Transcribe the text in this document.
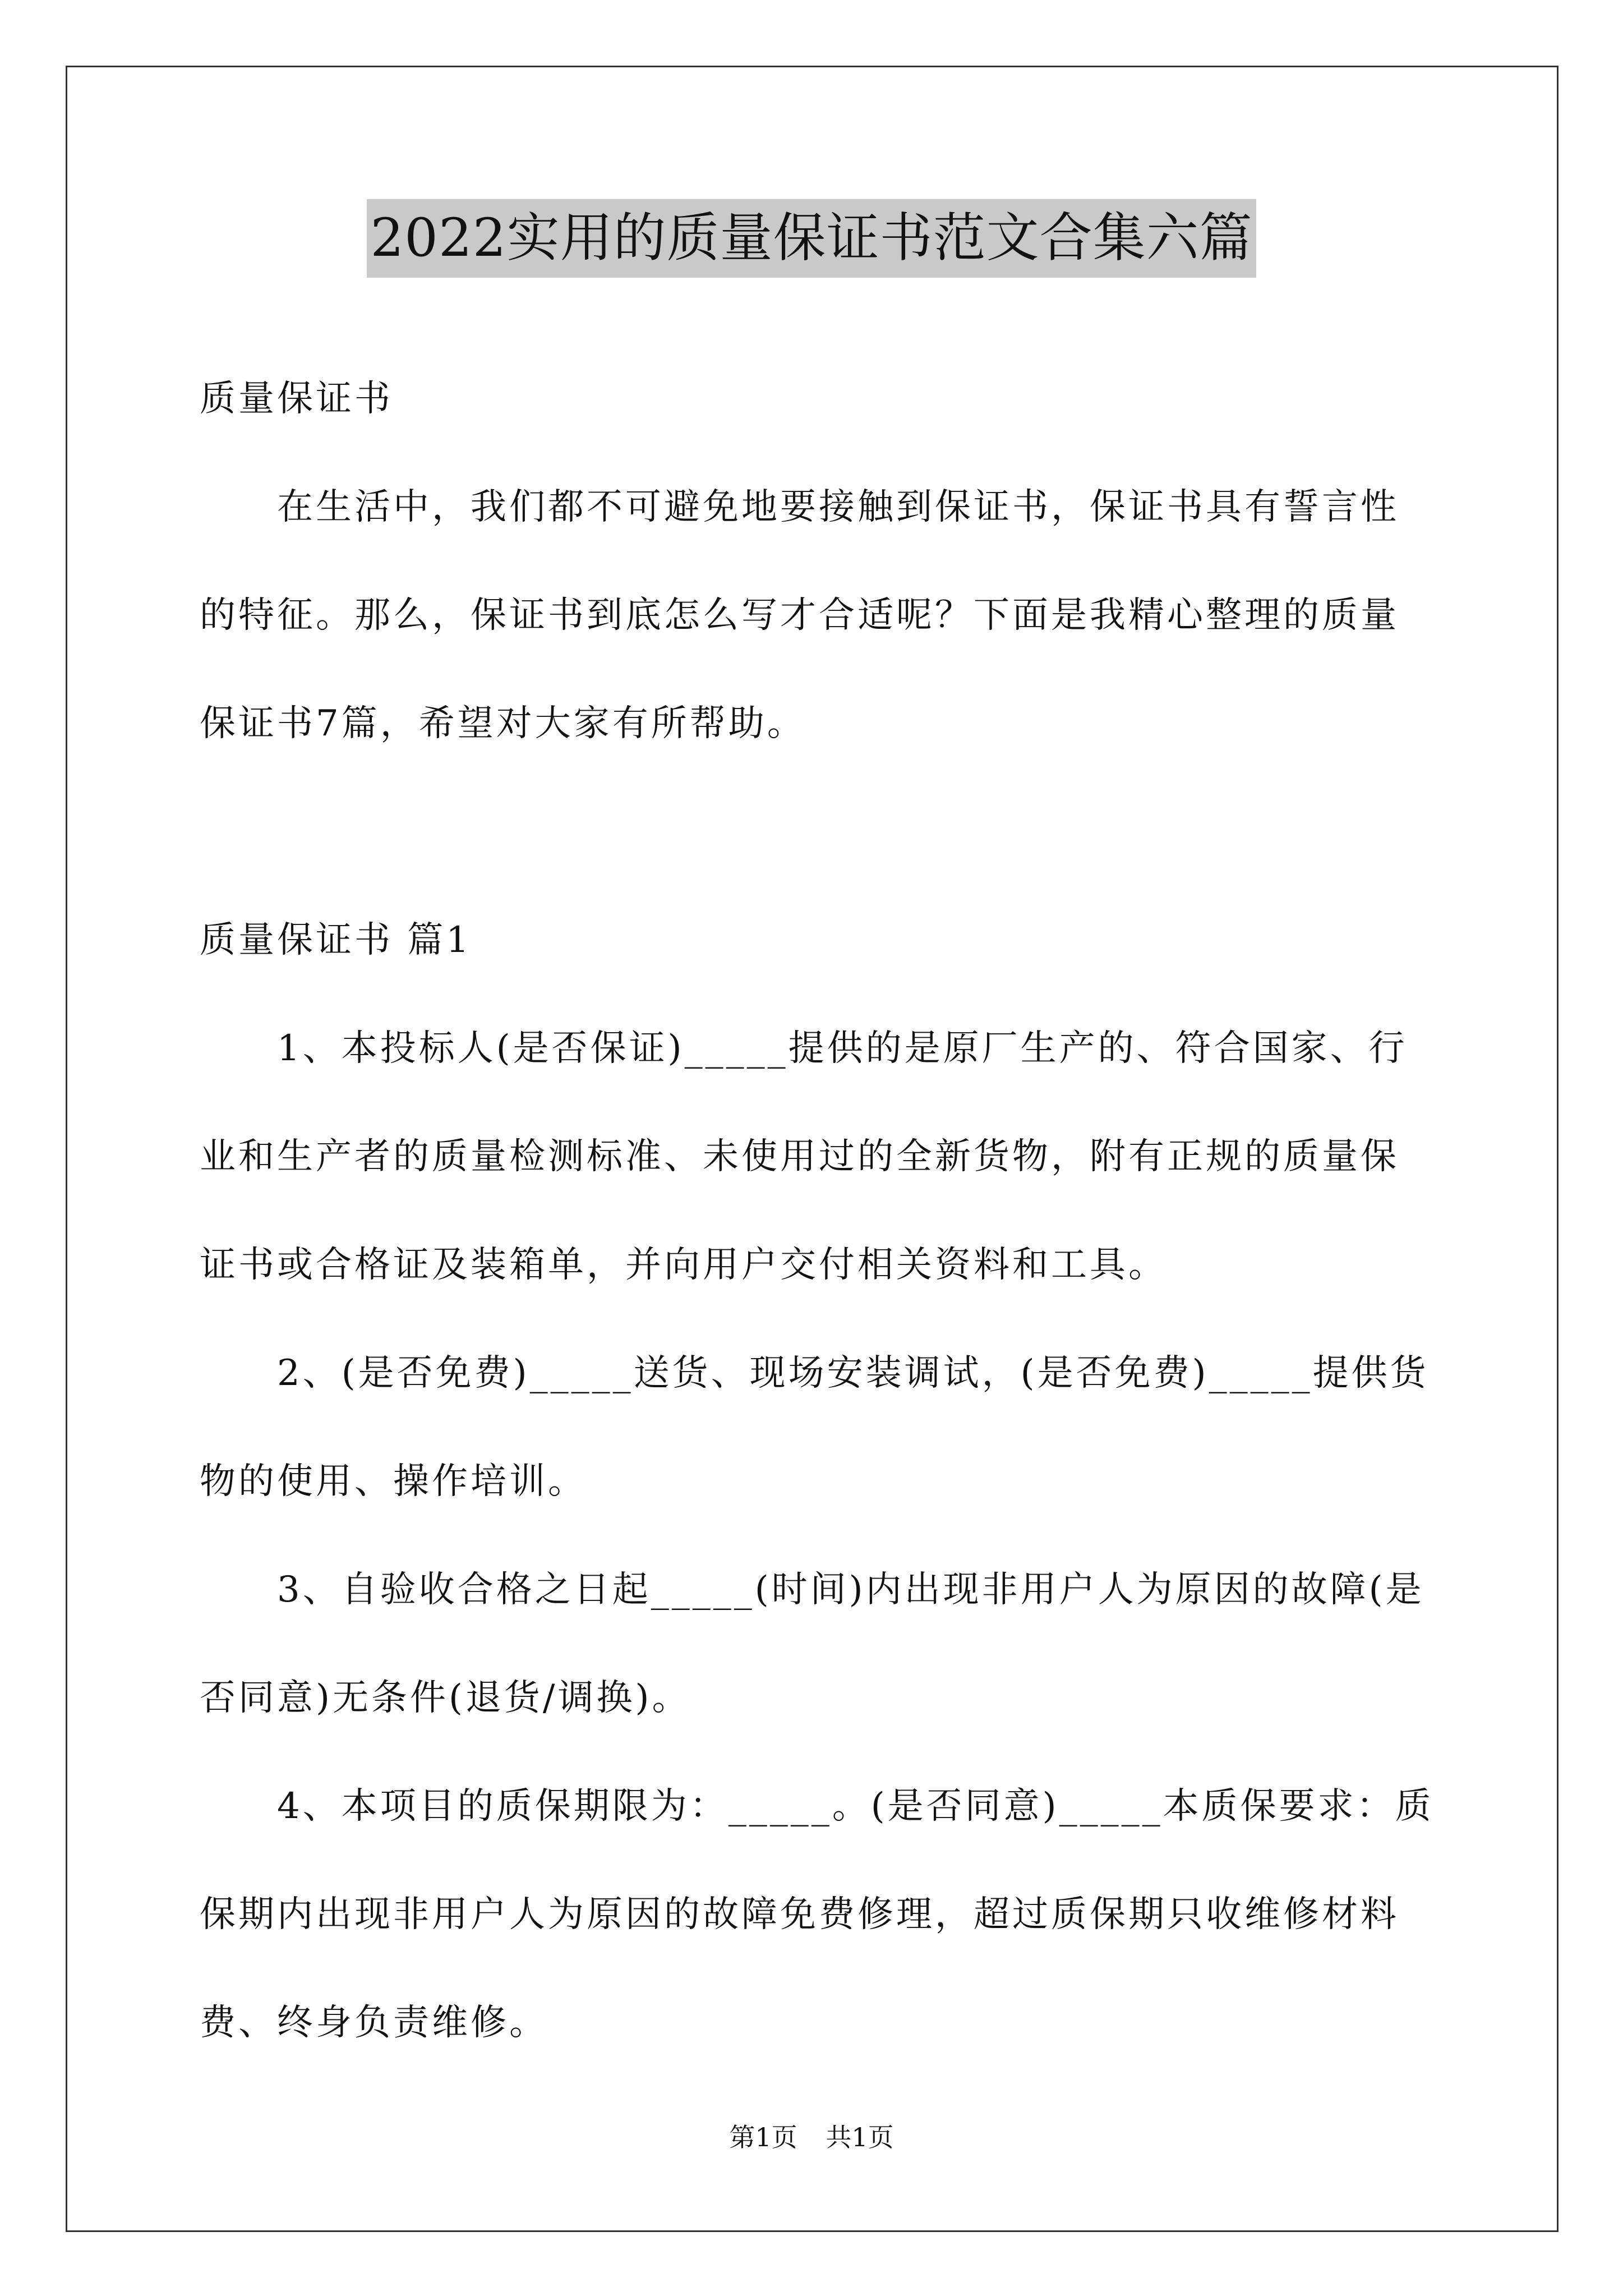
2022实用的质量保证书范文合集六篇

质量保证书

在生活中，我们都不可避免地要接触到保证书，保证书具有誓言性的特征。那么，保证书到底怎么写才合适呢？下面是我精心整理的质量保证书7篇，希望对大家有所帮助。

质量保证书 篇1

1、本投标人(是否保证)_____提供的是原厂生产的、符合国家、行业和生产者的质量检测标准、未使用过的全新货物，附有正规的质量保证书或合格证及装箱单，并向用户交付相关资料和工具。

2、(是否免费)_____送货、现场安装调试，(是否免费)_____提供货物的使用、操作培训。

3、自验收合格之日起_____(时间)内出现非用户人为原因的故障(是否同意)无条件(退货/调换)。

4、本项目的质保期限为：_____。(是否同意)_____本质保要求：质保期内出现非用户人为原因的故障免费修理，超过质保期只收维修材料费、终身负责维修。

第1页 共1页
